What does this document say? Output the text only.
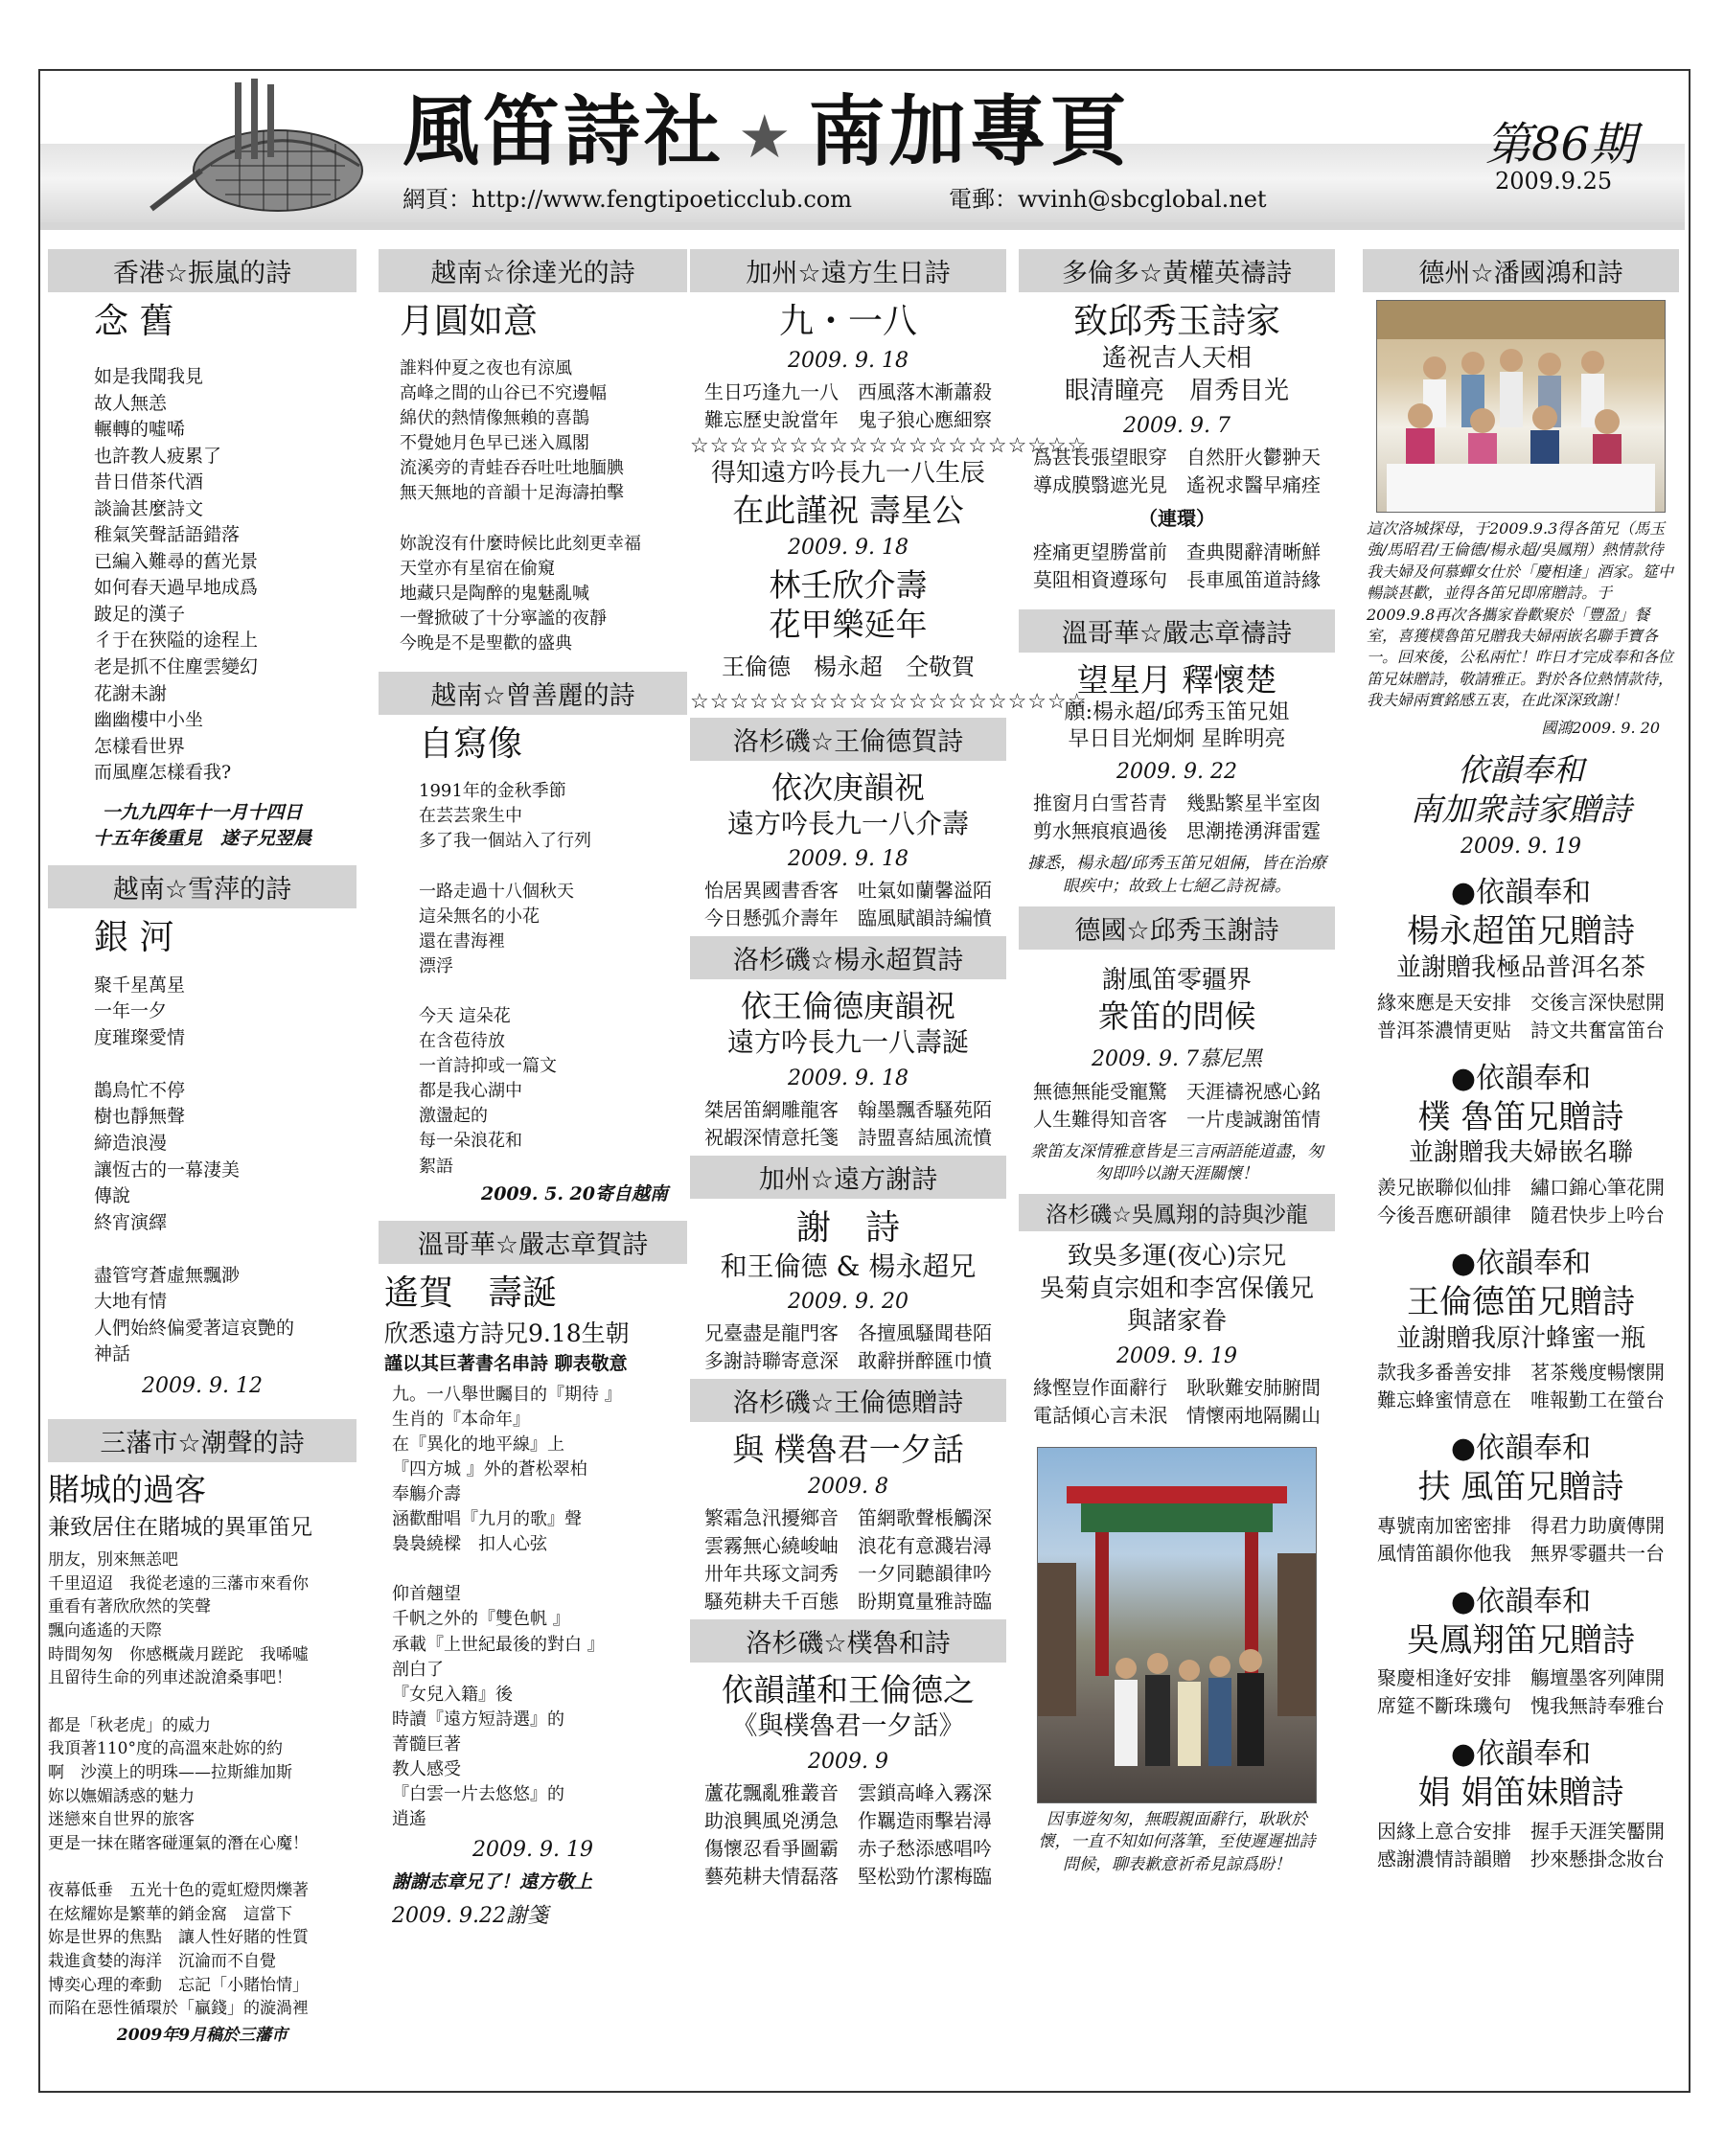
風笛詩社 ★ 南加專頁	第86期
2009.9.25
網頁：http://www.fengtipoeticclub.com	電郵：wvinh@sbcglobal.net
香港☆振嵐的詩
念 舊
如是我聞我見
故人無恙
輾轉的噓唏
也許教人疲累了
昔日借茶代酒
談論甚麼詩文
稚氣笑聲話語錯落
已編入難尋的舊光景
如何春天過早地成爲
跛足的漢子
彳于在狹隘的途程上
老是抓不住塵雲變幻
花謝未謝
幽幽樓中小坐
怎樣看世界
而風塵怎樣看我?
一九九四年十一月十四日
十五年後重見　遂子兄翌晨
越南☆雪萍的詩
銀 河
聚千星萬星
一年一夕
度璀璨愛情

鵲鳥忙不停
樹也靜無聲
締造浪漫
讓恆古的一幕淒美
傳說
終宵演繹

盡管穹蒼虛無飄渺
大地有情
人們始終偏愛著這哀艷的
神話
2009. 9. 12
三藩市☆潮聲的詩
賭城的過客
兼致居住在賭城的異軍笛兄
朋友，別來無恙吧
千里迢迢　我從老遠的三藩市來看你
重看有著欣欣然的笑聲
飄向遙遙的天際
時間匆匆　你感概歲月蹉跎　我唏噓
且留待生命的列車述說滄桑事吧！

都是「秋老虎」的威力
我頂著110°度的高溫來赴妳的約
啊　沙漠上的明珠——拉斯維加斯
妳以嫵媚誘惑的魅力
迷戀來自世界的旅客
更是一抹在賭客碰運氣的潛在心魔！

夜幕低垂　五光十色的霓虹燈閃爍著
在炫耀妳是繁華的銷金窩　這當下
妳是世界的焦點　讓人性好賭的性質
栽進貪婪的海洋　沉淪而不自覺
博奕心理的牽動　忘記「小賭怡情」
而陷在惡性循環於「贏錢」的漩渦裡
2009年9月稿於三藩市
越南☆徐達光的詩
月圓如意
誰料仲夏之夜也有涼風
高峰之間的山谷已不究邊幅
綿伏的熱情像無賴的喜鵲
不覺她月色早已迷入鳳閣
流溪旁的青蛙吞吞吐吐地腼腆
無天無地的音韻十足海濤拍擊

妳說沒有什麼時候比此刻更幸福
天堂亦有星宿在偷窺
地藏只是陶醉的鬼魅亂喊
一聲掀破了十分寧謐的夜靜
今晚是不是聖歡的盛典
越南☆曾善麗的詩
自寫像
1991年的金秋季節
在芸芸衆生中
多了我一個站入了行列

一路走過十八個秋天
這朵無名的小花
還在書海裡
漂浮

今天 這朵花
在含苞待放
一首詩抑或一篇文
都是我心湖中
激盪起的
每一朵浪花和
絮語
2009. 5. 20寄自越南
溫哥華☆嚴志章賀詩
遙賀　壽誕
欣悉遠方詩兄9.18生朝
謹以其巨著書名串詩 聊表敬意
九。一八舉世矚目的『期待 』
生肖的『本命年』
在『異化的地平線』上
『四方城 』外的蒼松翠柏
奉觴介壽
涵歡酣唱『九月的歌』聲
裊裊繞樑　扣人心弦

仰首翹望
千帆之外的『雙色帆 』
承載『上世紀最後的對白 』
剖白了
『女兒入籍』後
時讀『遠方短詩選』的
菁髓巨著
教人感受
『白雲一片去悠悠』的
逍遙
2009. 9. 19
謝謝志章兄了！遠方敬上
2009. 9.22謝箋
加州☆遠方生日詩
九・一八
2009. 9. 18
生日巧逢九一八　西風落木漸蕭殺
難忘歷史說當年　鬼子狼心應細察
☆☆☆☆☆☆☆☆☆☆☆☆☆☆☆☆☆☆☆☆
得知遠方吟長九一八生辰
在此謹祝 壽星公
2009. 9. 18
林壬欣介壽
花甲樂延年
王倫德　楊永超　仝敬賀
☆☆☆☆☆☆☆☆☆☆☆☆☆☆☆☆☆☆☆☆
洛杉磯☆王倫德賀詩
依次庚韻祝
遠方吟長九一八介壽
2009. 9. 18
怡居異國書香客　吐氣如蘭馨溢陌
今日懸弧介壽年　臨風賦韻詩編憤
洛杉磯☆楊永超賀詩
依王倫德庚韻祝
遠方吟長九一八壽誕
2009. 9. 18
桀居笛網雕龍客　翰墨飄香騷苑陌
祝嘏深情意托箋　詩盟喜結風流憤
加州☆遠方謝詩
謝　詩
和王倫德 & 楊永超兄
2009. 9. 20
兄臺盡是龍門客　各擅風騷聞巷陌
多謝詩聯寄意深　敢辭拼醉匯巾憤
洛杉磯☆王倫德贈詩
與 樸魯君一夕話
2009. 8
繁霜急汛擾鄉音　笛網歌聲棖觸深
雲霧無心繞峻岫　浪花有意濺岩潯
卅年共琢文詞秀　一夕同聽韻律吟
騷苑耕夫千百態　盼期寬量雅詩臨
洛杉磯☆樸魯和詩
依韻謹和王倫德之
《與樸魯君一夕話》
2009. 9
蘆花飄亂雅叢音　雲鎖高峰入霧深
助浪興風兇湧急　作羈造雨擊岩潯
傷懷忍看爭圖霸　赤子愁添感唱吟
藝苑耕夫情磊落　堅松勁竹潔梅臨
多倫多☆黃權英禱詩
致邱秀玉詩家
遙祝吉人天相
眼清瞳亮　眉秀目光
2009. 9. 7
爲甚長張望眼穿　自然肝火鬱翀天
導成膜翳遮光見　遙祝求醫早痛痊
（連環）
痊痛更望勝當前　查典閱辭清晰鮮
莫阻相資遵琢句　長車風笛道詩緣
溫哥華☆嚴志章禱詩
望星月 釋懷楚
願:楊永超/邱秀玉笛兄姐
早日目光炯炯 星眸明亮
2009. 9. 22
推窗月白雪苔青　幾點繁星半室囱
剪水無痕痕過後　思潮捲湧湃雷霆
據悉，楊永超/邱秀玉笛兄姐倆，皆在治療眼疾中；故致上七絕乙詩祝禱。
德國☆邱秀玉謝詩
謝風笛零疆界
衆笛的問候
2009. 9. 7慕尼黑
無德無能受寵驚　天涯禱祝感心銘
人生難得知音客　一片虔誠謝笛情
衆笛友深情雅意皆是三言兩語能道盡，匆匆即吟以謝天涯關懷！
洛杉磯☆吳鳳翔的詩與沙龍
致吳多運(夜心)宗兄
吳菊貞宗姐和李宮保儀兄
與諸家眷
2009. 9. 19
緣慳豈作面辭行　耿耿難安肺腑間
電話傾心言未泯　情懷兩地隔關山
因事遊匆匆，無暇親面辭行，耿耿於懷，一直不知如何落筆，至使遲遲拙詩問候，聊表歉意祈希見諒爲盼！
德州☆潘國鴻和詩
這次洛城探母，于2009.9.3得各笛兄（馬玉強/馬昭君/王倫德/楊永超/吳鳳翔）熱情款待我夫婦及何慕蟬女仕於「慶相逢」酒家。筵中暢談甚歡，並得各笛兄即席贈詩。于2009.9.8再次各攜家眷歡聚於「豐盈」餐室，喜獲樸魯笛兄贈我夫婦兩嵌名聯手寶各一。回來後，公私兩忙！昨日才完成奉和各位笛兄妹贈詩，敬請雅正。對於各位熱情款待，我夫婦兩實銘感五衷，在此深深致謝！
國鴻2009. 9. 20
依韻奉和
南加衆詩家贈詩
2009. 9. 19
●依韻奉和
楊永超笛兄贈詩
並謝贈我極品普洱名茶
緣來應是天安排　交後言深快慰開
普洱茶濃情更贴　詩文共奮富笛台
●依韻奉和
樸 魯笛兄贈詩
並謝贈我夫婦嵌名聯
羨兄嵌聯似仙排　繡口錦心筆花開
今後吾應研韻律　隨君快步上吟台
●依韻奉和
王倫德笛兄贈詩
並謝贈我原汁蜂蜜一瓶
款我多番善安排　茗茶幾度暢懷開
難忘蜂蜜情意在　唯報勤工在螢台
●依韻奉和
扶 風笛兄贈詩
專號南加密密排　得君力助廣傳開
風情笛韻你他我　無界零疆共一台
●依韻奉和
吳鳳翔笛兄贈詩
聚慶相逢好安排　觴壇墨客列陣開
席筵不斷珠璣句　愧我無詩奉雅台
●依韻奉和
娟 娟笛妹贈詩
因緣上意合安排　握手天涯笑靨開
感謝濃情詩韻贈　抄來懸掛念妝台
